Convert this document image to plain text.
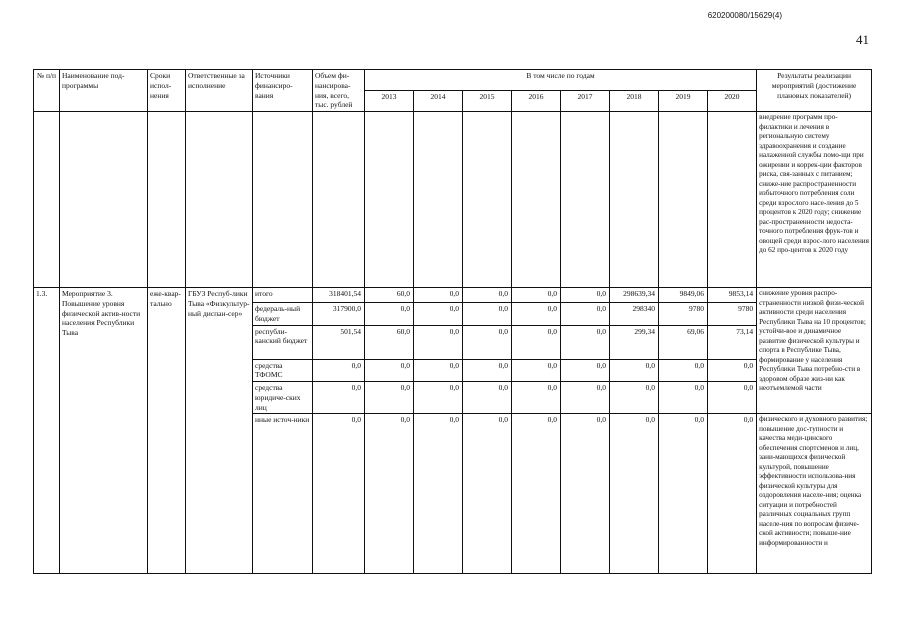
620200080/15629(4)
41
№ п/п	Наименование под-программы	Сроки испол-нения	Ответственные за исполнение	Источники финансиро-вания	Объем фи-нансирова-ния, всего, тыс. рублей	В том числе по годам								Результаты реализации мероприятий (достижение плановых показателей)
						2013	2014	2015	2016	2017	2018	2019	2020	
														внедрение программ про-филактики и лечения в региональную систему здравоохранения и создание налаженной службы помо-щи при ожирении и коррек-ции факторов риска, свя-занных с питанием; сниже-ние распространенности избыточного потребления соли среди взрослого насе-ления до 5 процентов к 2020 году; снижение рас-пространенности недоста-точного потребления фрук-тов и овощей среди взрос-лого населения до 62 про-центов к 2020 году
1.3.	Мероприятие 3. Повышение уровня физической актив-ности населения Республики Тыва	еже-квар-тально	ГБУЗ Респуб-лики Тыва «Физкультур-ный диспан-сер»	итого	318401,54	60,0	0,0	0,0	0,0	0,0	298639,34	9849,06	9853,14	снижение уровня распро-страненности низкой физи-ческой активности среди населения Республики Тыва на 10 процентов; устойчи-вое и динамичное развитие физической культуры и спорта в Республике Тыва, формирование у населения Республики Тыва потребно-сти в здоровом образе жиз-ни как неотъемлемой части
				федераль-ный бюджет	317900,0	0,0	0,0	0,0	0,0	0,0	298340	9780	9780	
				республи-канский бюджет	501,54	60,0	0,0	0,0	0,0	0,0	299,34	69,06	73,14	
				средства ТФОМС	0,0	0,0	0,0	0,0	0,0	0,0	0,0	0,0	0,0	
				средства юридиче-ских лиц	0,0	0,0	0,0	0,0	0,0	0,0	0,0	0,0	0,0	
				иные источ-ники	0,0	0,0	0,0	0,0	0,0	0,0	0,0	0,0	0,0	физического и духовного развития; повышение дос-тупности и качества меди-цинского обеспечения спортсменов и лиц, зани-мающихся физической культурой, повышение эффективности использова-ния физической культуры для оздоровления населе-ния; оценка ситуации и потребностей различных социальных групп населе-ния по вопросам физиче-ской активности; повыше-ние информированности и
